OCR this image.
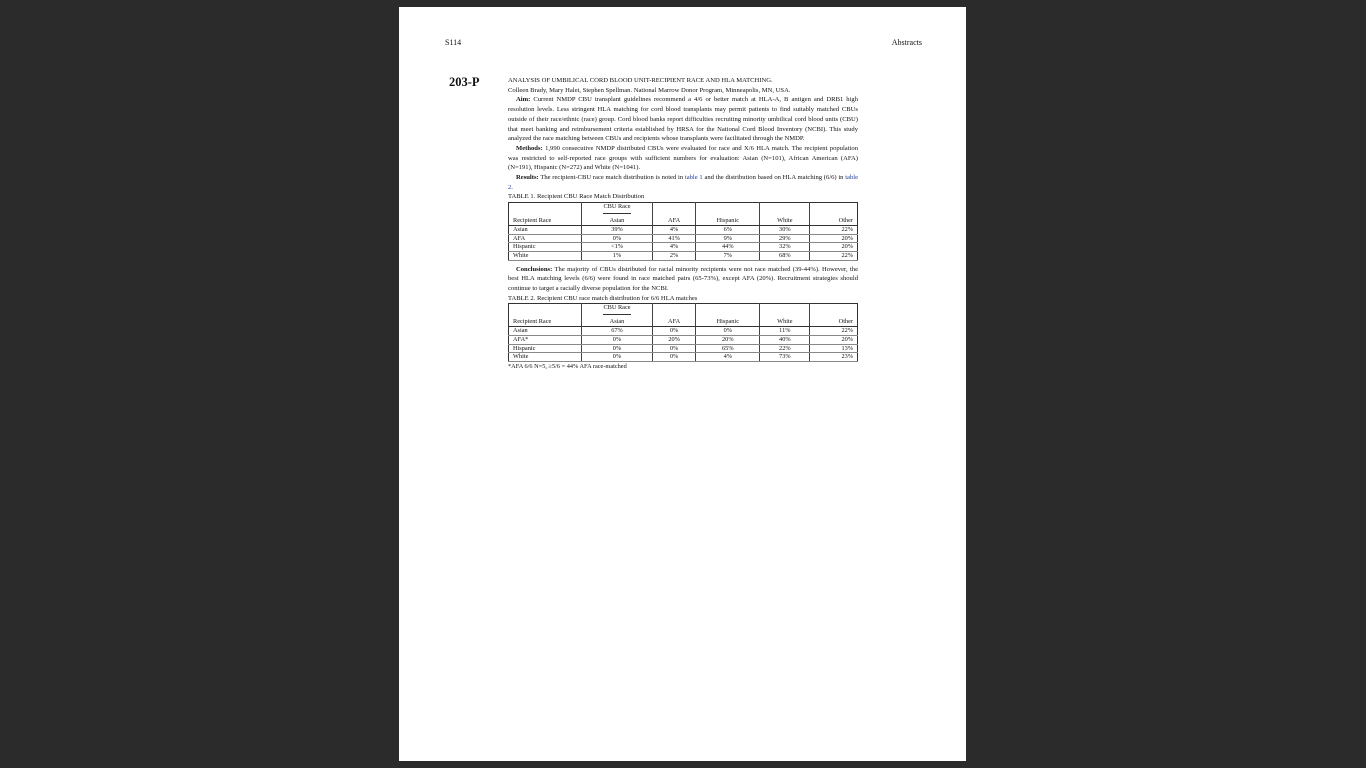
S114	Abstracts
203-P	ANALYSIS OF UMBILICAL CORD BLOOD UNIT-RECIPIENT RACE AND HLA MATCHING.

Colleen Brady, Mary Halet, Stephen Spellman. National Marrow Donor Program, Minneapolis, MN, USA.

Aim: Current NMDP CBU transplant guidelines recommend a 4/6 or better match at HLA-A, B antigen and DRB1 high resolution levels. Less stringent HLA matching for cord blood transplants may permit patients to find suitably matched CBUs outside of their race/ethnic (race) group. Cord blood banks report difficulties recruiting minority umbilical cord blood units (CBU) that meet banking and reimbursement criteria established by HRSA for the National Cord Blood Inventory (NCBI). This study analyzed the race matching between CBUs and recipients whose transplants were facilitated through the NMDP.

Methods: 1,990 consecutive NMDP distributed CBUs were evaluated for race and X/6 HLA match. The recipient population was restricted to self-reported race groups with sufficient numbers for evaluation: Asian (N=101), African American (AFA) (N=191), Hispanic (N=272) and White (N=1041).

Results: The recipient-CBU race match distribution is noted in table 1 and the distribution based on HLA matching (6/6) in table 2.

TABLE 1. Recipient CBU Race Match Distribution

	CBU Race				
Recipient Race	Asian	AFA	Hispanic	White	Other
Asian	39%	4%	6%	30%	22%
AFA	0%	41%	9%	29%	20%
Hispanic	<1%	4%	44%	32%	20%
White	1%	2%	7%	68%	22%

Conclusions: The majority of CBUs distributed for racial minority recipients were not race matched (39-44%). However, the best HLA matching levels (6/6) were found in race matched pairs (65-73%), except AFA (20%). Recruitment strategies should continue to target a racially diverse population for the NCBI.

TABLE 2. Recipient CBU race match distribution for 6/6 HLA matches

	CBU Race				
Recipient Race	Asian	AFA	Hispanic	White	Other
Asian	67%	0%	0%	11%	22%
AFA*	0%	20%	20%	40%	20%
Hispanic	0%	0%	65%	22%	13%
White	0%	0%	4%	73%	23%

*AFA 6/6 N=5, ≥5/6 = 44% AFA race-matched
